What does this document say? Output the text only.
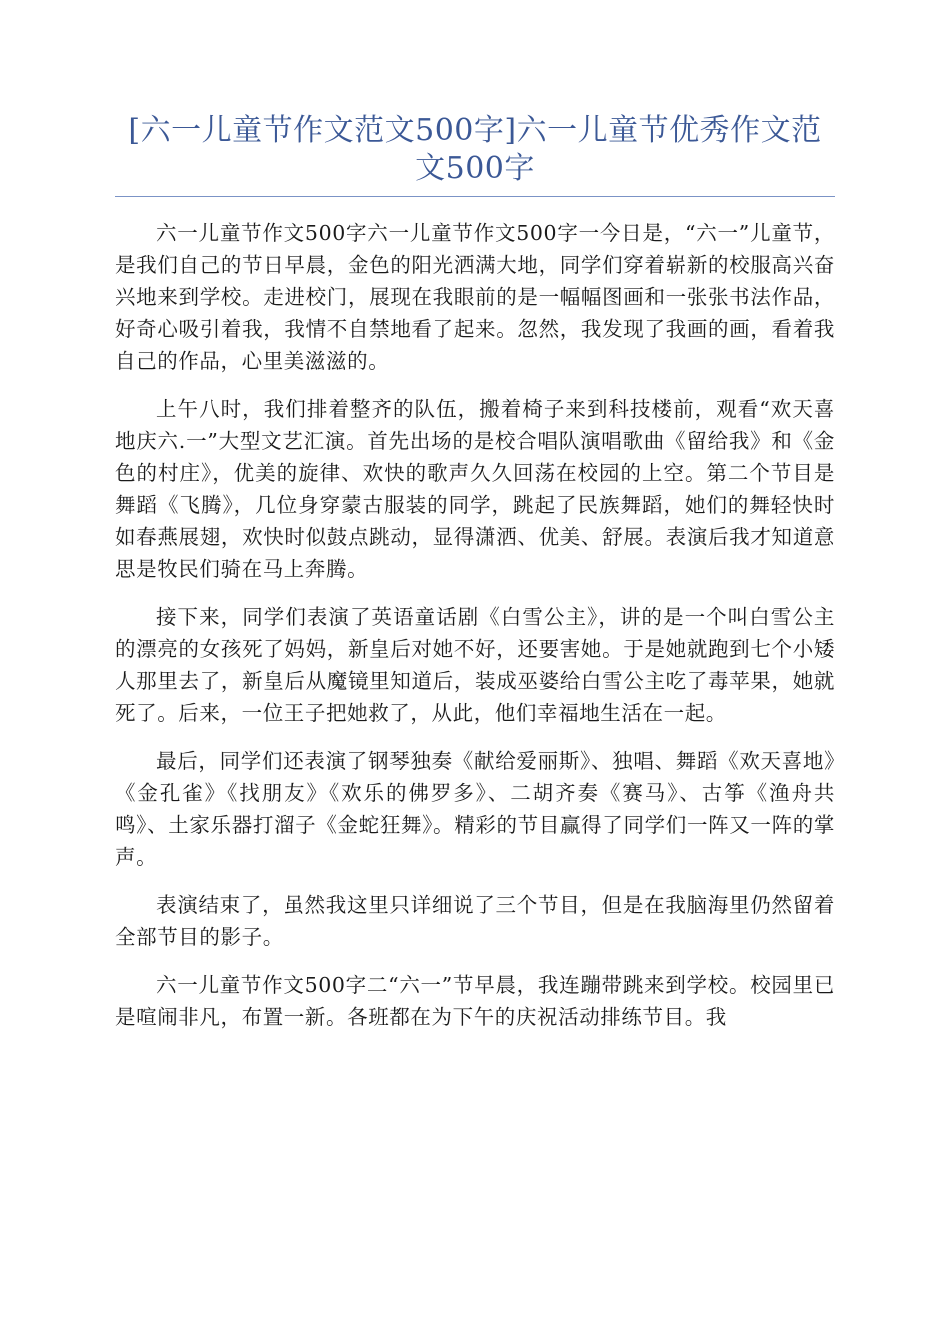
[六一儿童节作文范文500字]六一儿童节优秀作文范文500字

六一儿童节作文500字六一儿童节作文500字一今日是，“六一”儿童节，是我们自己的节日早晨，金色的阳光洒满大地，同学们穿着崭新的校服高兴奋兴地来到学校。走进校门，展现在我眼前的是一幅幅图画和一张张书法作品，好奇心吸引着我，我情不自禁地看了起来。忽然，我发现了我画的画，看着我自己的作品，心里美滋滋的。

上午八时，我们排着整齐的队伍，搬着椅子来到科技楼前，观看“欢天喜地庆六.一”大型文艺汇演。首先出场的是校合唱队演唱歌曲《留给我》和《金色的村庄》，优美的旋律、欢快的歌声久久回荡在校园的上空。第二个节目是舞蹈《飞腾》，几位身穿蒙古服装的同学，跳起了民族舞蹈，她们的舞轻快时如春燕展翅，欢快时似鼓点跳动，显得潇洒、优美、舒展。表演后我才知道意思是牧民们骑在马上奔腾。

接下来，同学们表演了英语童话剧《白雪公主》，讲的是一个叫白雪公主的漂亮的女孩死了妈妈，新皇后对她不好，还要害她。于是她就跑到七个小矮人那里去了，新皇后从魔镜里知道后，装成巫婆给白雪公主吃了毒苹果，她就死了。后来，一位王子把她救了，从此，他们幸福地生活在一起。

最后，同学们还表演了钢琴独奏《献给爱丽斯》、独唱、舞蹈《欢天喜地》《金孔雀》《找朋友》《欢乐的佛罗多》、二胡齐奏《赛马》、古筝《渔舟共鸣》、土家乐器打溜子《金蛇狂舞》。精彩的节目赢得了同学们一阵又一阵的掌声。

表演结束了，虽然我这里只详细说了三个节目，但是在我脑海里仍然留着全部节目的影子。

六一儿童节作文500字二“六一”节早晨，我连蹦带跳来到学校。校园里已是喧闹非凡，布置一新。各班都在为下午的庆祝活动排练节目。我
